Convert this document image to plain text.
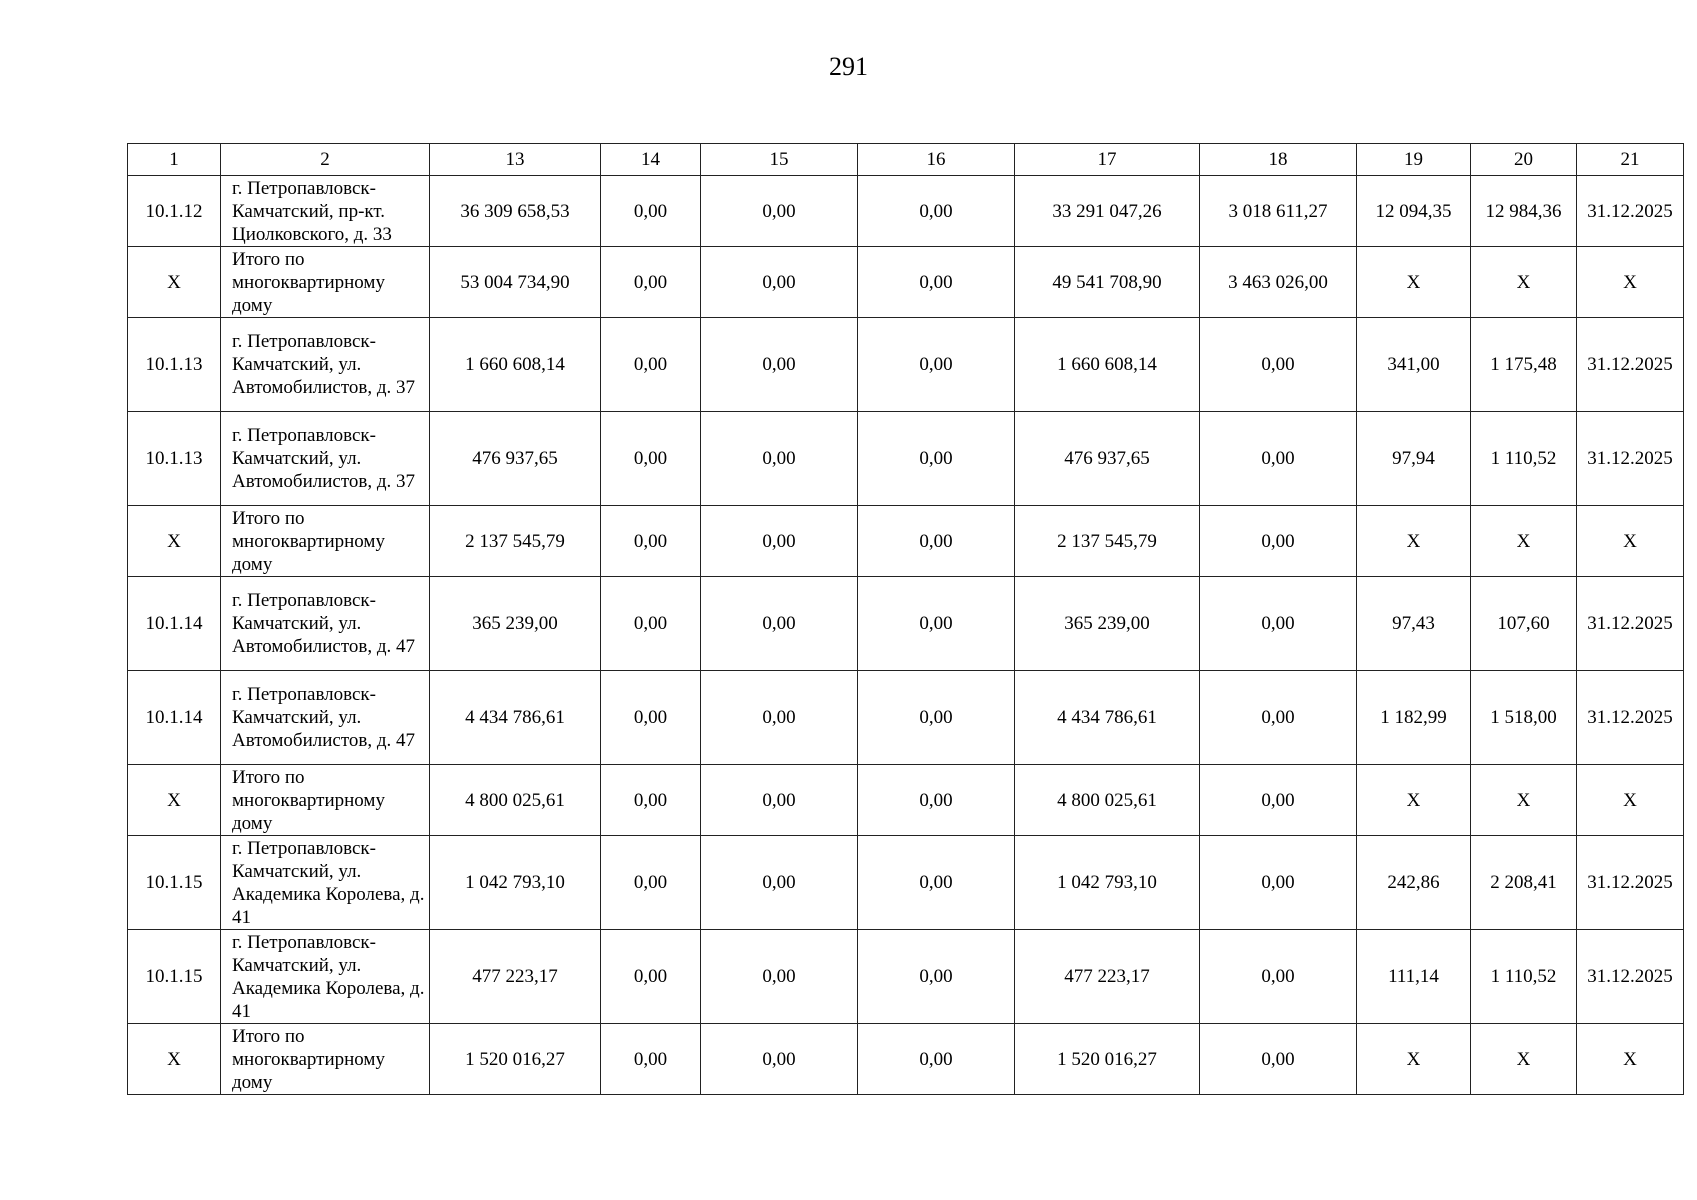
291
1	2	13	14	15	16	17	18	19	20	21
10.1.12	г. Петропавловск-Камчатский, пр-кт. Циолковского, д. 33	36 309 658,53	0,00	0,00	0,00	33 291 047,26	3 018 611,27	12 094,35	12 984,36	31.12.2025
Х	Итого по многоквартирному дому	53 004 734,90	0,00	0,00	0,00	49 541 708,90	3 463 026,00	Х	Х	Х
10.1.13	г. Петропавловск-Камчатский, ул. Автомобилистов, д. 37	1 660 608,14	0,00	0,00	0,00	1 660 608,14	0,00	341,00	1 175,48	31.12.2025
10.1.13	г. Петропавловск-Камчатский, ул. Автомобилистов, д. 37	476 937,65	0,00	0,00	0,00	476 937,65	0,00	97,94	1 110,52	31.12.2025
Х	Итого по многоквартирному дому	2 137 545,79	0,00	0,00	0,00	2 137 545,79	0,00	Х	Х	Х
10.1.14	г. Петропавловск-Камчатский, ул. Автомобилистов, д. 47	365 239,00	0,00	0,00	0,00	365 239,00	0,00	97,43	107,60	31.12.2025
10.1.14	г. Петропавловск-Камчатский, ул. Автомобилистов, д. 47	4 434 786,61	0,00	0,00	0,00	4 434 786,61	0,00	1 182,99	1 518,00	31.12.2025
Х	Итого по многоквартирному дому	4 800 025,61	0,00	0,00	0,00	4 800 025,61	0,00	Х	Х	Х
10.1.15	г. Петропавловск-Камчатский, ул. Академика Королева, д. 41	1 042 793,10	0,00	0,00	0,00	1 042 793,10	0,00	242,86	2 208,41	31.12.2025
10.1.15	г. Петропавловск-Камчатский, ул. Академика Королева, д. 41	477 223,17	0,00	0,00	0,00	477 223,17	0,00	111,14	1 110,52	31.12.2025
Х	Итого по многоквартирному дому	1 520 016,27	0,00	0,00	0,00	1 520 016,27	0,00	Х	Х	Х
